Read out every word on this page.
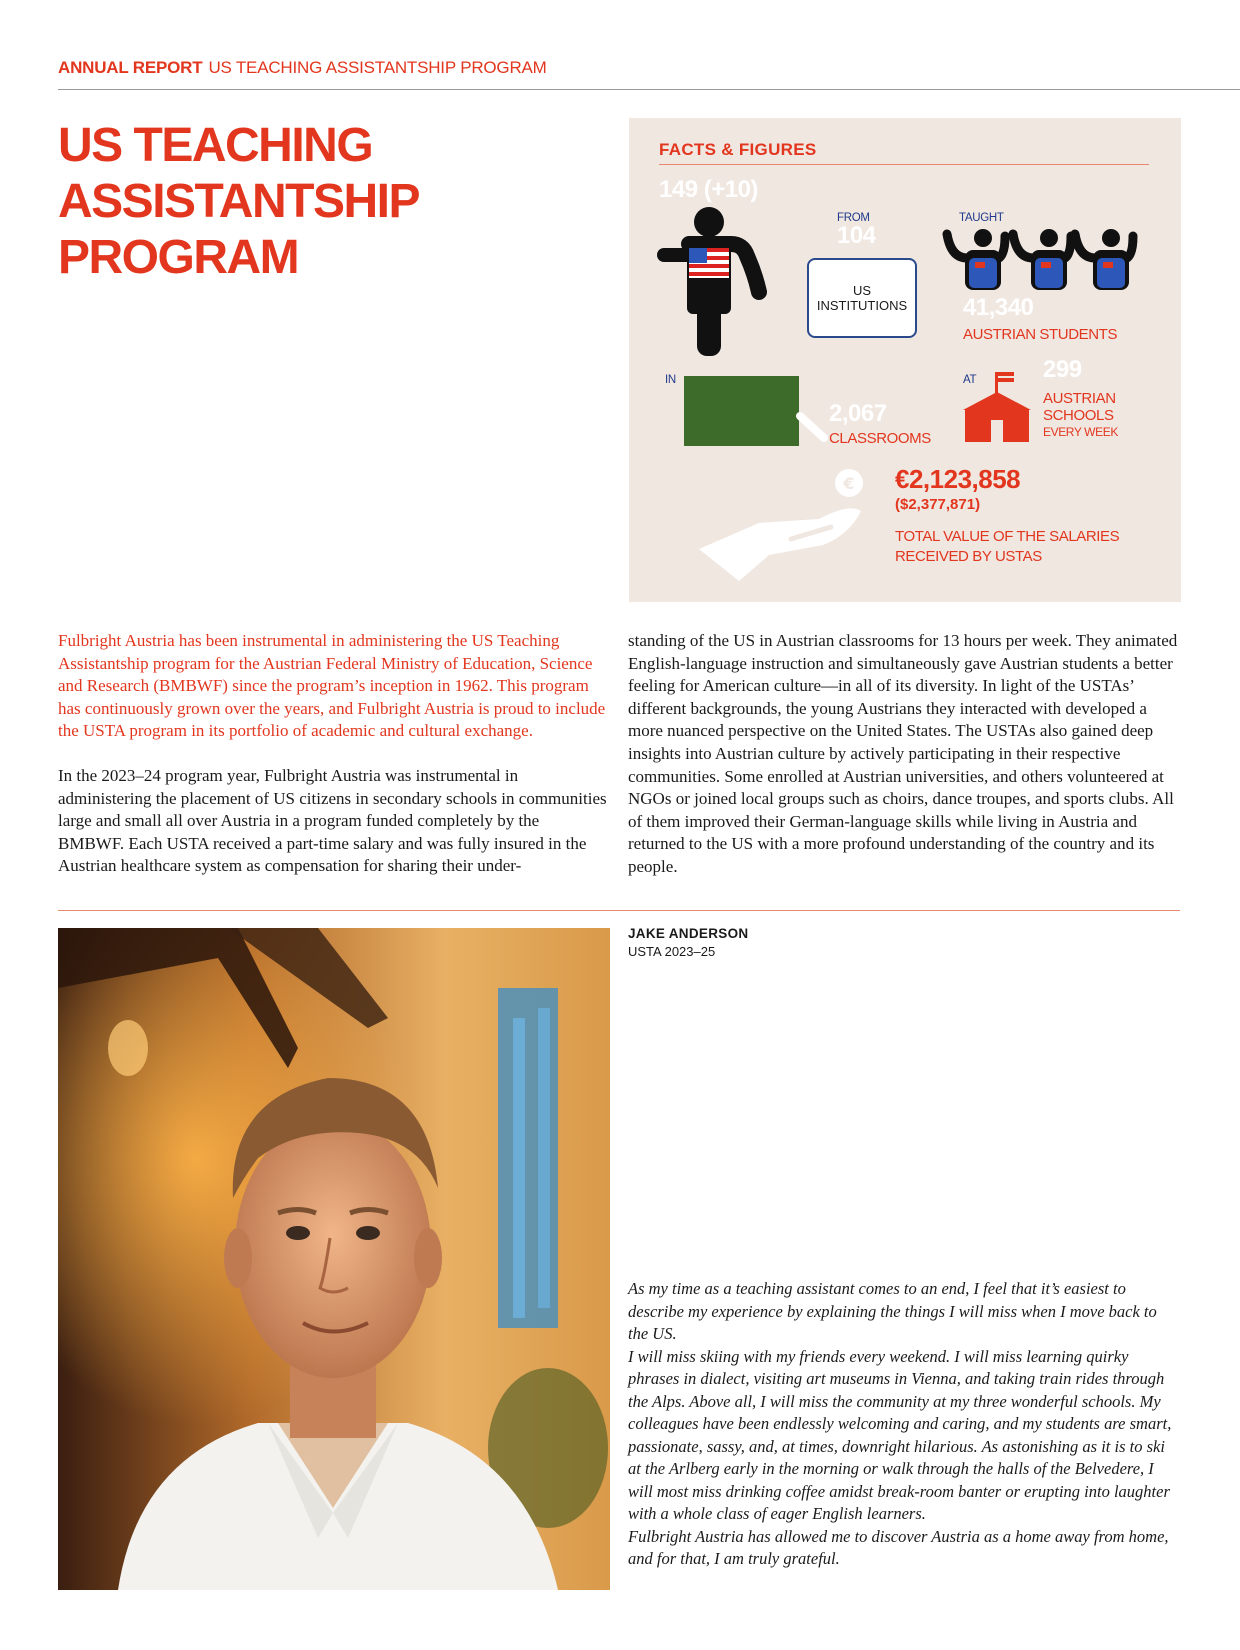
ANNUAL REPORT US TEACHING ASSISTANTSHIP PROGRAM
US TEACHING
ASSISTANTSHIP
PROGRAM
FACTS & FIGURES
149 (+10)
FROM
104
US
INSTITUTIONS
TAUGHT
41,340
AUSTRIAN STUDENTS
IN
2,067
CLASSROOMS
AT	299
AUSTRIAN
SCHOOLS
EVERY WEEK
€ €2,123,858
($2,377,871)
TOTAL VALUE OF THE SALARIES
RECEIVED BY USTAS

Fulbright Austria has been instrumental in administering the US Teaching Assistantship program for the Austrian Federal Ministry of Education, Science and Research (BMBWF) since the program’s inception in 1962. This program has continuously grown over the years, and Fulbright Austria is proud to include the USTA program in its portfolio of academic and cultural exchange.

In the 2023–24 program year, Fulbright Austria was instrumental in administering the placement of US citizens in secondary schools in communities large and small all over Austria in a program funded completely by the BMBWF. Each USTA received a part-time salary and was fully insured in the Austrian healthcare system as compensation for sharing their under-

standing of the US in Austrian classrooms for 13 hours per week. They animated English-language instruction and simultaneously gave Austrian students a better feeling for American culture—in all of its diversity. In light of the USTAs’ different backgrounds, the young Austrians they interacted with developed a more nuanced perspective on the United States. The USTAs also gained deep insights into Austrian culture by actively participating in their respective communities. Some enrolled at Austrian universities, and others volunteered at NGOs or joined local groups such as choirs, dance troupes, and sports clubs. All of them improved their German-language skills while living in Austria and returned to the US with a more profound understanding of the country and its people.

JAKE ANDERSON
USTA 2023–25

As my time as a teaching assistant comes to an end, I feel that it’s easiest to describe my experience by explaining the things I will miss when I move back to the US.

I will miss skiing with my friends every weekend. I will miss learning quirky phrases in dialect, visiting art museums in Vienna, and taking train rides through the Alps. Above all, I will miss the community at my three wonderful schools. My colleagues have been endlessly welcoming and caring, and my students are smart, passionate, sassy, and, at times, downright hilarious. As astonishing as it is to ski at the Arlberg early in the morning or walk through the halls of the Belvedere, I will most miss drinking coffee amidst break-room banter or erupting into laughter with a whole class of eager English learners.

Fulbright Austria has allowed me to discover Austria as a home away from home, and for that, I am truly grateful.
